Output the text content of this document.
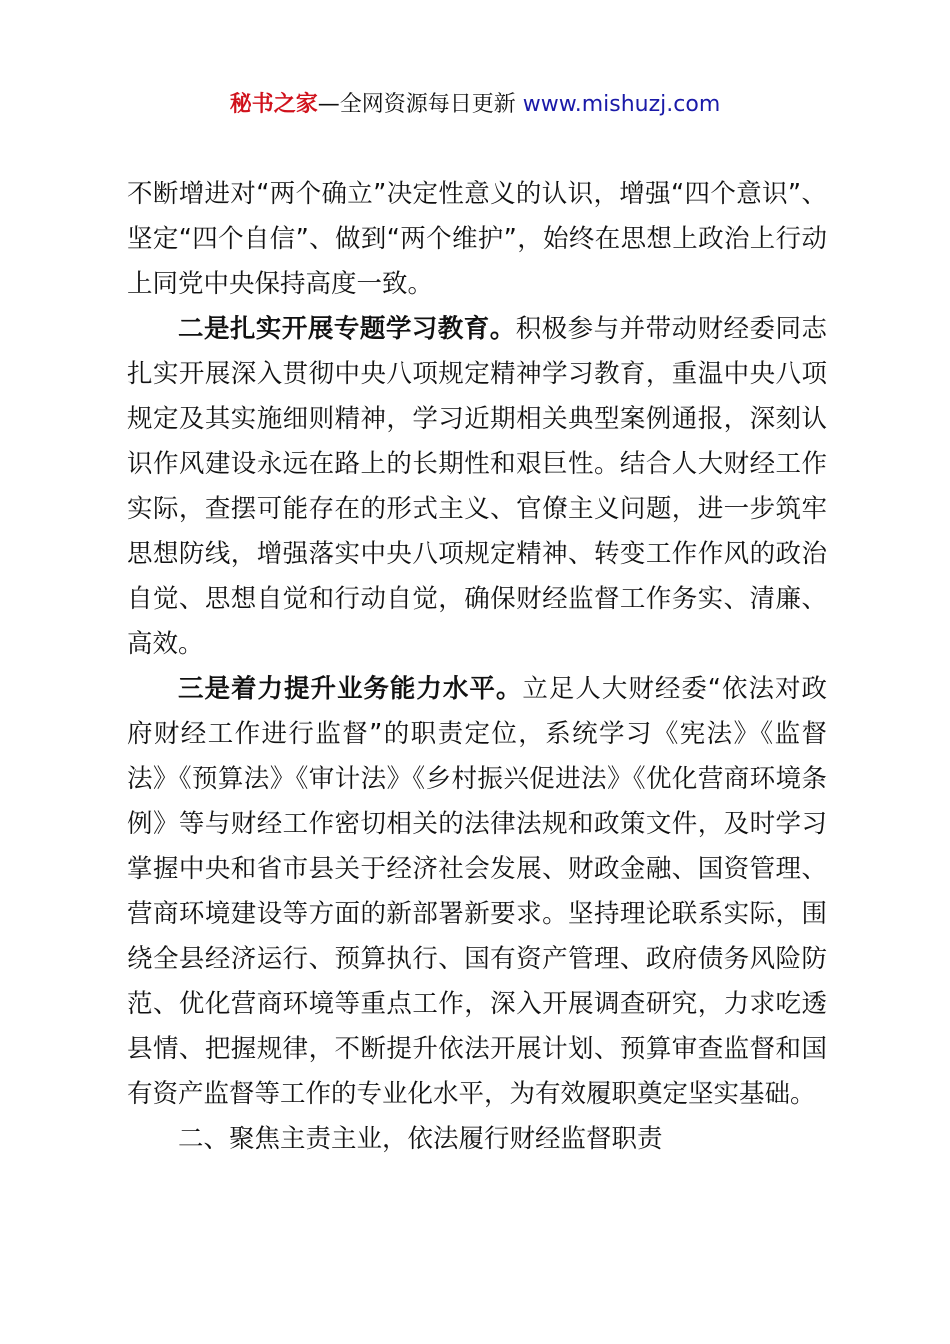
秘书之家—全网资源每日更新 www.mishuzj.com

不断增进对“两个确立”决定性意义的认识，增强“四个意识”、坚定“四个自信”、做到“两个维护”，始终在思想上政治上行动上同党中央保持高度一致。

二是扎实开展专题学习教育。积极参与并带动财经委同志扎实开展深入贯彻中央八项规定精神学习教育，重温中央八项规定及其实施细则精神，学习近期相关典型案例通报，深刻认识作风建设永远在路上的长期性和艰巨性。结合人大财经工作实际，查摆可能存在的形式主义、官僚主义问题，进一步筑牢思想防线，增强落实中央八项规定精神、转变工作作风的政治自觉、思想自觉和行动自觉，确保财经监督工作务实、清廉、高效。

三是着力提升业务能力水平。立足人大财经委“依法对政府财经工作进行监督”的职责定位，系统学习《宪法》《监督法》《预算法》《审计法》《乡村振兴促进法》《优化营商环境条例》等与财经工作密切相关的法律法规和政策文件，及时学习掌握中央和省市县关于经济社会发展、财政金融、国资管理、营商环境建设等方面的新部署新要求。坚持理论联系实际，围绕全县经济运行、预算执行、国有资产管理、政府债务风险防范、优化营商环境等重点工作，深入开展调查研究，力求吃透县情、把握规律，不断提升依法开展计划、预算审查监督和国有资产监督等工作的专业化水平，为有效履职奠定坚实基础。

二、聚焦主责主业，依法履行财经监督职责
